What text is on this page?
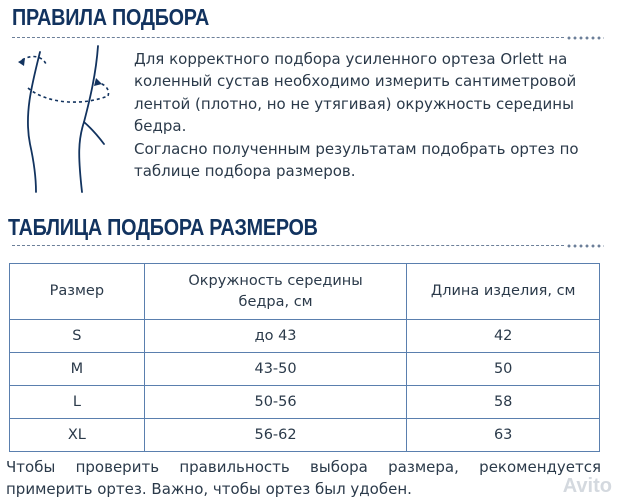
ПРАВИЛА ПОДБОРА

Для корректного подбора усиленного ортеза Orlett на коленный сустав необходимо измерить сантиметровой лентой (плотно, но не утягивая) окружность середины бедра.

Согласно полученным результатам подобрать ортез по таблице подбора размеров.

ТАБЛИЦА ПОДБОРА РАЗМЕРОВ
Размер	Окружность середины бедра, см	Длина изделия, см
S	до 43	42
M	43-50	50
L	50-56	58
XL	56-62	63
Чтобы проверить правильность выбора размера, рекомендуется примерить ортез. Важно, чтобы ортез был удобен.	Avito
